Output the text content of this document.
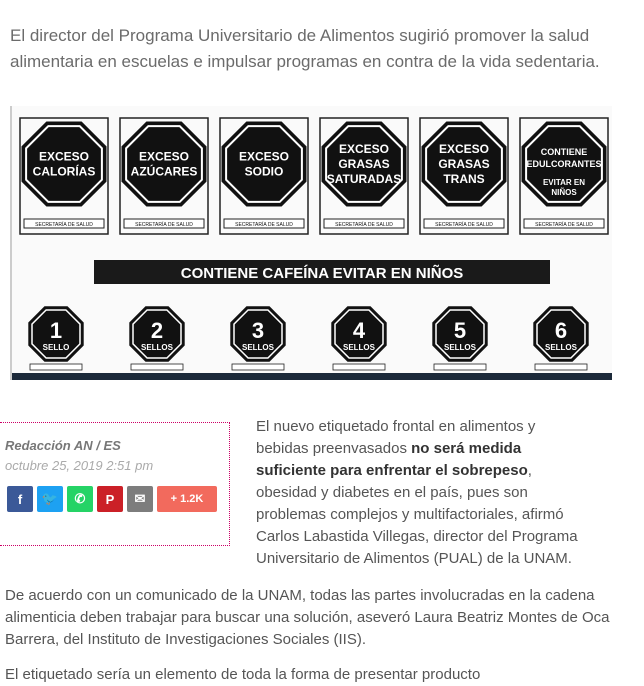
El director del Programa Universitario de Alimentos sugirió promover la salud alimentaria en escuelas e impulsar programas en contra de la vida sedentaria.

EXCESO
CALORÍAS
SECRETARÍA DE SALUD
EXCESO
AZÚCARES
SECRETARÍA DE SALUD
EXCESO
SODIO
SECRETARÍA DE SALUD
EXCESO
GRASAS
SATURADAS
SECRETARÍA DE SALUD
EXCESO
GRASAS
TRANS
SECRETARÍA DE SALUD
CONTIENE
EDULCORANTES
EVITAR EN
NIÑOS
SECRETARÍA DE SALUD
CONTIENE CAFEÍNA EVITAR EN NIÑOS
1
SELLO
2
SELLOS
3
SELLOS
4
SELLOS
5
SELLOS
6
SELLOS
Redacción AN / ES
octubre 25, 2019 2:51 pm
f 🐦 ✆ P ✉	+ 1.2K
El nuevo etiquetado frontal en alimentos y bebidas preenvasados no será medida suficiente para enfrentar el sobrepeso, obesidad y diabetes en el país, pues son problemas complejos y multifactoriales, afirmó Carlos Labastida Villegas, director del Programa Universitario de Alimentos (PUAL) de la UNAM.
De acuerdo con un comunicado de la UNAM, todas las partes involucradas en la cadena alimenticia deben trabajar para buscar una solución, aseveró Laura Beatriz Montes de Oca Barrera, del Instituto de Investigaciones Sociales (IIS).
El etiquetado sería un elemento de toda la forma de presentar producto
